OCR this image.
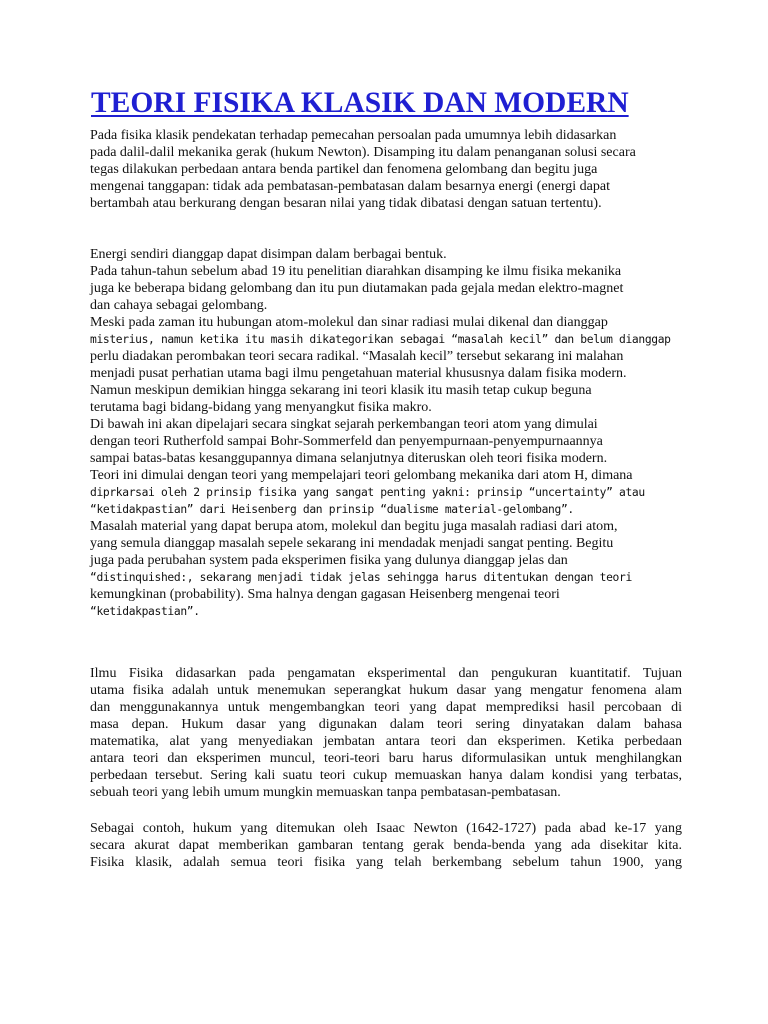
TEORI FISIKA KLASIK DAN MODERN
Pada fisika klasik pendekatan terhadap pemecahan persoalan pada umumnya lebih didasarkan
pada dalil-dalil mekanika gerak (hukum Newton). Disamping itu dalam penanganan solusi secara
tegas dilakukan perbedaan antara benda partikel dan fenomena gelombang dan begitu juga
mengenai tanggapan: tidak ada pembatasan-pembatasan dalam besarnya energi (energi dapat
bertambah atau berkurang dengan besaran nilai yang tidak dibatasi dengan satuan tertentu).
Energi sendiri dianggap dapat disimpan dalam berbagai bentuk.
Pada tahun-tahun sebelum abad 19 itu penelitian diarahkan disamping ke ilmu fisika mekanika
juga ke beberapa bidang gelombang dan itu pun diutamakan pada gejala medan elektro-magnet
dan cahaya sebagai gelombang.
Meski pada zaman itu hubungan atom-molekul dan sinar radiasi mulai dikenal dan dianggap
misterius, namun ketika itu masih dikategorikan sebagai “masalah kecil” dan belum dianggap
perlu diadakan perombakan teori secara radikal. “Masalah kecil” tersebut sekarang ini malahan
menjadi pusat perhatian utama bagi ilmu pengetahuan material khususnya dalam fisika modern.
Namun meskipun demikian hingga sekarang ini teori klasik itu masih tetap cukup beguna
terutama bagi bidang-bidang yang menyangkut fisika makro.
Di bawah ini akan dipelajari secara singkat sejarah perkembangan teori atom yang dimulai
dengan teori Rutherfold sampai Bohr-Sommerfeld dan penyempurnaan-penyempurnaannya
sampai batas-batas kesanggupannya dimana selanjutnya diteruskan oleh teori fisika modern.
Teori ini dimulai dengan teori yang mempelajari teori gelombang mekanika dari atom H, dimana
diprkarsai oleh 2 prinsip fisika yang sangat penting yakni: prinsip “uncertainty” atau
“ketidakpastian” dari Heisenberg dan prinsip “dualisme material-gelombang”.
Masalah material yang dapat berupa atom, molekul dan begitu juga masalah radiasi dari atom,
yang semula dianggap masalah sepele sekarang ini mendadak menjadi sangat penting. Begitu
juga pada perubahan system pada eksperimen fisika yang dulunya dianggap jelas dan
“distinquished:, sekarang menjadi tidak jelas sehingga harus ditentukan dengan teori
kemungkinan (probability). Sma halnya dengan gagasan Heisenberg mengenai teori
“ketidakpastian”.
Ilmu Fisika didasarkan pada pengamatan eksperimental dan pengukuran kuantitatif. Tujuan
utama fisika adalah untuk menemukan seperangkat hukum dasar yang mengatur fenomena alam
dan menggunakannya untuk mengembangkan teori yang dapat memprediksi hasil percobaan di
masa depan. Hukum dasar yang digunakan dalam teori sering dinyatakan dalam bahasa
matematika, alat yang menyediakan jembatan antara teori dan eksperimen. Ketika perbedaan
antara teori dan eksperimen muncul, teori-teori baru harus diformulasikan untuk menghilangkan
perbedaan tersebut. Sering kali suatu teori cukup memuaskan hanya dalam kondisi yang terbatas,
sebuah teori yang lebih umum mungkin memuaskan tanpa pembatasan-pembatasan.
Sebagai contoh, hukum yang ditemukan oleh Isaac Newton (1642-1727) pada abad ke-17 yang
secara akurat dapat memberikan gambaran tentang gerak benda-benda yang ada disekitar kita.
Fisika klasik, adalah semua teori fisika yang telah berkembang sebelum tahun 1900, yang
